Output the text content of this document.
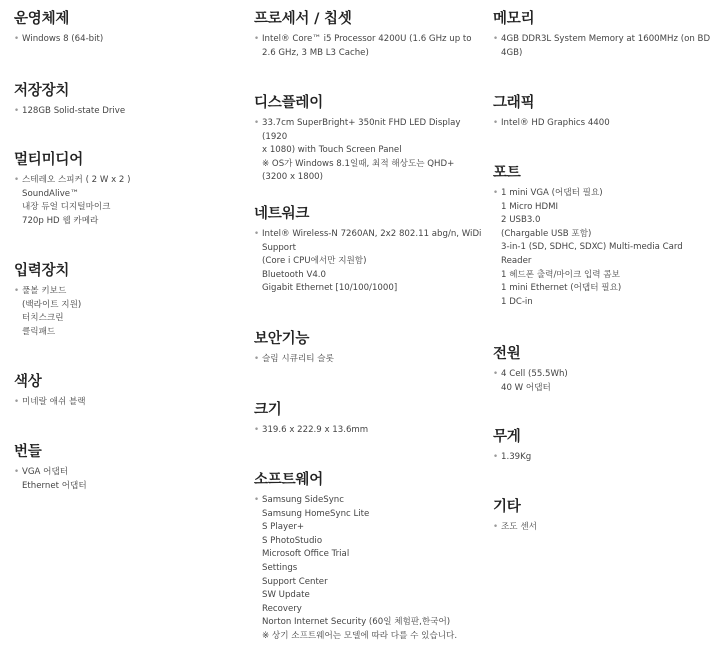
운영체제
• Windows 8 (64-bit)
저장장치
• 128GB Solid-state Drive
멀티미디어
• 스테레오 스피커 ( 2 W x 2 )
SoundAlive™
내장 듀얼 디지털마이크
720p HD 웹 카메라
입력장치
• 풀볼 키보드
(백라이트 지원)
터치스크린
클릭패드
색상
• 미네랄 애쉬 블랙
번들
• VGA 어댑터
Ethernet 어댑터
프로세서 / 칩셋
• Intel® Core™ i5 Processor 4200U (1.6 GHz up to
2.6 GHz, 3 MB L3 Cache)
디스플레이
• 33.7cm SuperBright+ 350nit FHD LED Display (1920
x 1080) with Touch Screen Panel
※ OS가 Windows 8.1일때, 최적 해상도는 QHD+
(3200 x 1800)
네트워크
• Intel® Wireless-N 7260AN, 2x2 802.11 abg/n, WiDi
Support
(Core i CPU에서만 지원함)
Bluetooth V4.0
Gigabit Ethernet [10/100/1000]
보안기능
• 슬림 시큐리티 슬롯
크기
• 319.6 x 222.9 x 13.6mm
소프트웨어
• Samsung SideSync
Samsung HomeSync Lite
S Player+
S PhotoStudio
Microsoft Office Trial
Settings
Support Center
SW Update
Recovery
Norton Internet Security (60일 체험판,한국어)
※ 상기 소프트웨어는 모델에 따라 다를 수 있습니다.
메모리
• 4GB DDR3L System Memory at 1600MHz (on BD
4GB)
그래픽
• Intel® HD Graphics 4400
포트
• 1 mini VGA (어댑터 필요)
1 Micro HDMI
2 USB3.0
(Chargable USB 포함)
3-in-1 (SD, SDHC, SDXC) Multi-media Card
Reader
1 헤드폰 출력/마이크 입력 콤보
1 mini Ethernet (어댑터 필요)
1 DC-in
전원
• 4 Cell (55.5Wh)
40 W 어댑터
무게
• 1.39Kg
기타
• 조도 센서
